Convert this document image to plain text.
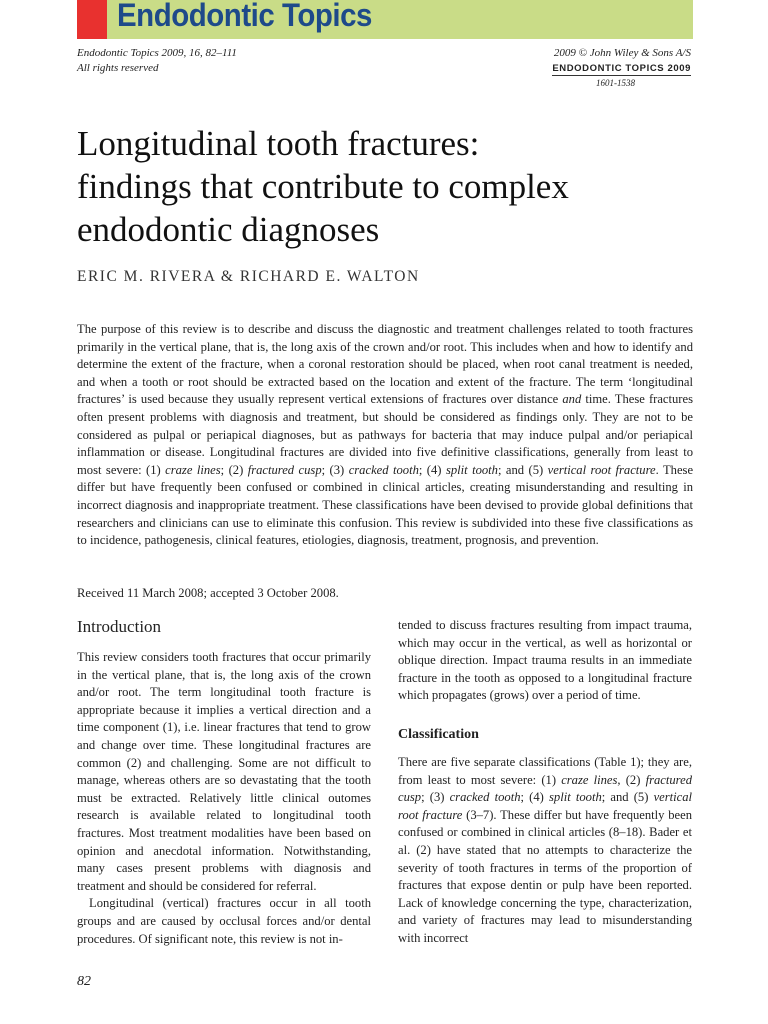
Endodontic Topics
Endodontic Topics 2009, 16, 82–111
All rights reserved
2009 © John Wiley & Sons A/S
ENDODONTIC TOPICS 2009
1601-1538
Longitudinal tooth fractures:
findings that contribute to complex
endodontic diagnoses
ERIC M. RIVERA & RICHARD E. WALTON
The purpose of this review is to describe and discuss the diagnostic and treatment challenges related to tooth fractures primarily in the vertical plane, that is, the long axis of the crown and/or root. This includes when and how to identify and determine the extent of the fracture, when a coronal restoration should be placed, when root canal treatment is needed, and when a tooth or root should be extracted based on the location and extent of the fracture. The term ‘longitudinal fractures’ is used because they usually represent vertical extensions of fractures over distance and time. These fractures often present problems with diagnosis and treatment, but should be considered as findings only. They are not to be considered as pulpal or periapical diagnoses, but as pathways for bacteria that may induce pulpal and/or periapical inflammation or disease. Longitudinal fractures are divided into five definitive classifications, generally from least to most severe: (1) craze lines; (2) fractured cusp; (3) cracked tooth; (4) split tooth; and (5) vertical root fracture. These differ but have frequently been confused or combined in clinical articles, creating misunderstanding and resulting in incorrect diagnosis and inappropriate treatment. These classifications have been devised to provide global definitions that researchers and clinicians can use to eliminate this confusion. This review is subdivided into these five classifications as to incidence, pathogenesis, clinical features, etiologies, diagnosis, treatment, prognosis, and prevention.
Received 11 March 2008; accepted 3 October 2008.
Introduction

This review considers tooth fractures that occur primarily in the vertical plane, that is, the long axis of the crown and/or root. The term longitudinal tooth fracture is appropriate because it implies a vertical direction and a time component (1), i.e. linear fractures that tend to grow and change over time. These longitudinal fractures are common (2) and challenging. Some are not difficult to manage, whereas others are so devastating that the tooth must be extracted. Relatively little clinical outomes research is available related to longitudinal tooth fractures. Most treatment modalities have been based on opinion and anecdotal information. Notwithstanding, many cases present problems with diagnosis and treatment and should be considered for referral.

Longitudinal (vertical) fractures occur in all tooth groups and are caused by occlusal forces and/or dental procedures. Of significant note, this review is not in-

tended to discuss fractures resulting from impact trauma, which may occur in the vertical, as well as horizontal or oblique direction. Impact trauma results in an immediate fracture in the tooth as opposed to a longitudinal fracture which propagates (grows) over a period of time.

Classification

There are five separate classifications (Table 1); they are, from least to most severe: (1) craze lines, (2) fractured cusp; (3) cracked tooth; (4) split tooth; and (5) vertical root fracture (3–7). These differ but have frequently been confused or combined in clinical articles (8–18). Bader et al. (2) have stated that no attempts to characterize the severity of tooth fractures in terms of the proportion of fractures that expose dentin or pulp have been reported. Lack of knowledge concerning the type, characterization, and variety of fractures may lead to misunderstanding with incorrect

82
